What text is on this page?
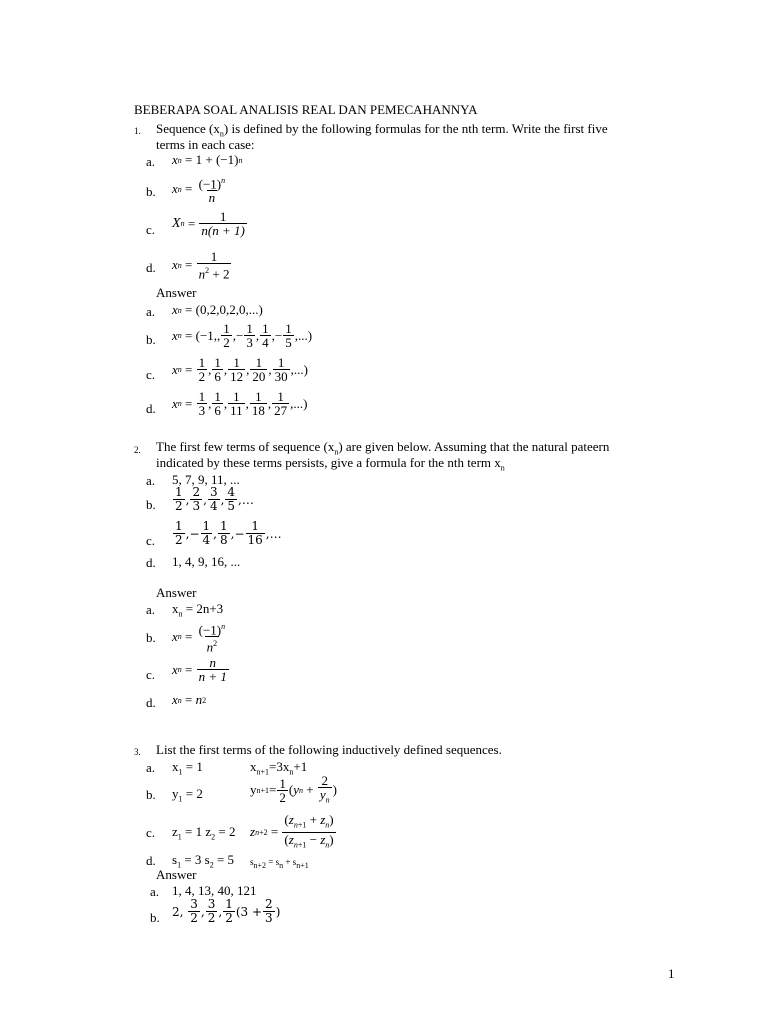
BEBERAPA SOAL ANALISIS REAL DAN PEMECAHANNYA
1. Sequence $(x_n)$ is defined by the following formulas for the nth term. Write the first five
terms in each case:
a. x n = 1 + (−1) n
b. x $n = \frac{(-1)^n}{n}$
c. X $n = \frac{1}{n(n + 1)}$
d. x $n = \frac{1}{n^2 + 2}$
Answer
a. x n = (0,2,0,2,0,...)
b. x n = (−1, , $\frac{1}{2}$ ,− $\frac{1}{3}$ , $\frac{1}{4}$ ,− $\frac{1}{5}$ ,...)
c. x $n = \frac{1}{2}$ , $\frac{1}{6}$ , $\frac{1}{12}$ , $\frac{1}{20}$ , $\frac{1}{30}$ ,...)
d. x $n = \frac{1}{3}$ , $\frac{1}{6}$ , $\frac{1}{11}$ , $\frac{1}{18}$ , $\frac{1}{27}$ ,...)
2. The first few terms of sequence $(x_n)$ are given below. Assuming that the natural pateern
indicated by these terms persists, give a formula for the nth term $x_n$
a. 5, 7, 9, 11, ...
b. $\frac{1}{2}$ , $\frac{2}{3}$ , $\frac{3}{4}$ , $\frac{4}{5}$ ,…
c. $\frac{1}{2}$ ,− $\frac{1}{4}$ , $\frac{1}{8}$ ,− $\frac{1}{16}$ ,…
d. 1, 4, 9, 16, ...
Answer
a. $x_n = 2n+3$
b. x $n = \frac{(-1)^n}{n^2}$
c. x $n = \frac{n}{n + 1}$
d. x n = n 2
3. List the first terms of the following inductively defined sequences.
a. $x_1 = 1$	$x_{n+1}=3x_n+1$
b. $y_1 = 2$	y $n+1 = \frac{1}{2}$ ( y $n + \frac{2}{y_n}$ )
c. $z_1 = 1$ $z_2 = 2$ z $n+2 = \frac{(z_{n+1} + z_n)}{(z_{n+1} - z_n)}$
d. $s_1 = 3$ $s_2 = 5$ $s_{n+2} = s_n + s_{n+1}$
Answer
a. 1, 4, 13, 40, 121
b. 2,
$\frac{3}{2}$ , $\frac{3}{2}$ , $\frac{1}{2} (3 + \frac{2}{3}$ )
1
